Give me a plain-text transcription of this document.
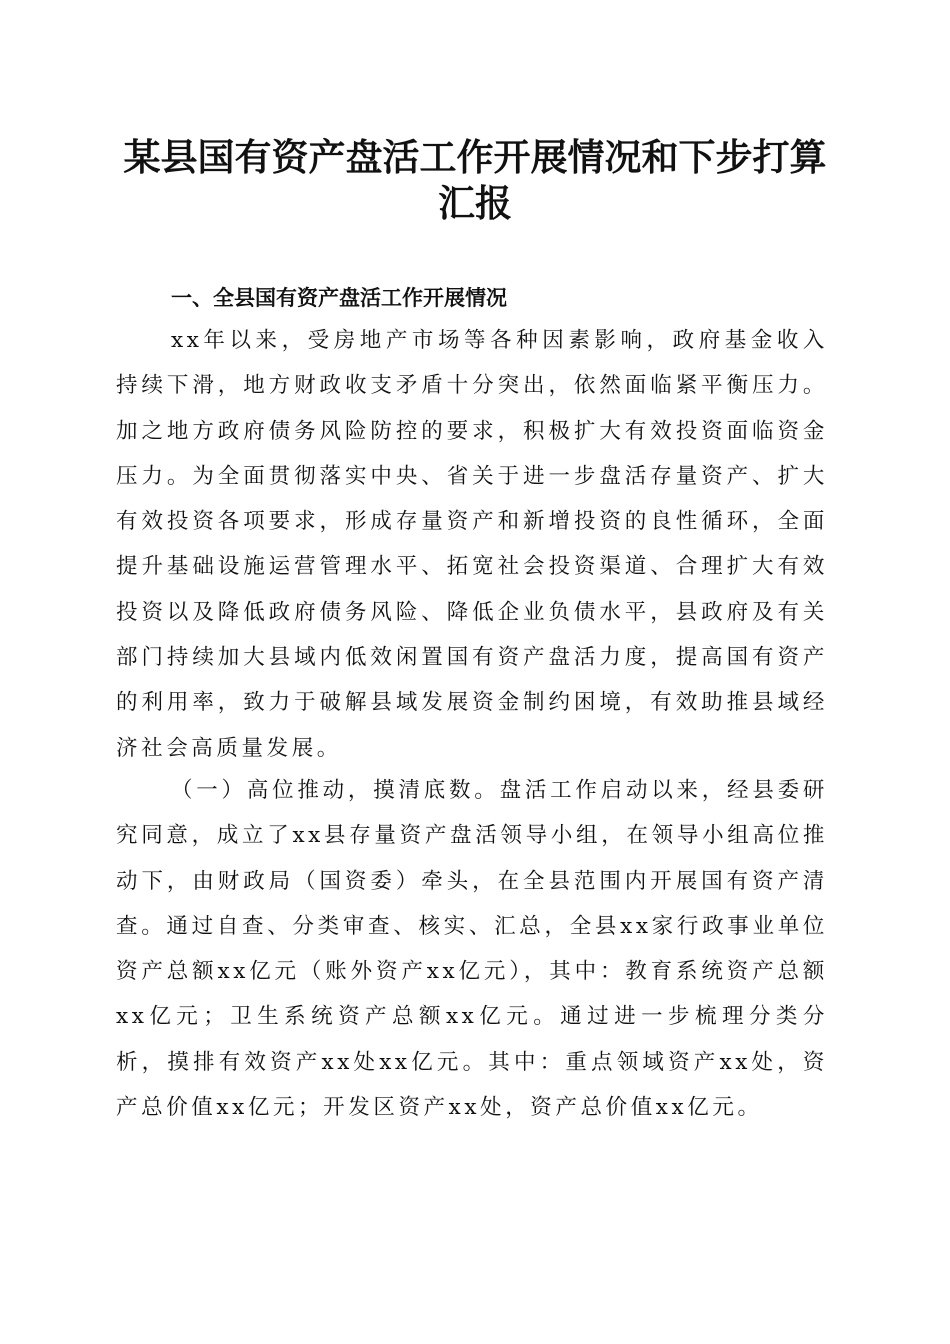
某县国有资产盘活工作开展情况和下步打算汇报
一、全县国有资产盘活工作开展情况

xx年以来，受房地产市场等各种因素影响，政府基金收入持续下滑，地方财政收支矛盾十分突出，依然面临紧平衡压力。加之地方政府债务风险防控的要求，积极扩大有效投资面临资金压力。为全面贯彻落实中央、省关于进一步盘活存量资产、扩大有效投资各项要求，形成存量资产和新增投资的良性循环，全面提升基础设施运营管理水平、拓宽社会投资渠道、合理扩大有效投资以及降低政府债务风险、降低企业负债水平，县政府及有关部门持续加大县域内低效闲置国有资产盘活力度，提高国有资产的利用率，致力于破解县域发展资金制约困境，有效助推县域经济社会高质量发展。

（一）高位推动，摸清底数。盘活工作启动以来，经县委研究同意，成立了xx县存量资产盘活领导小组，在领导小组高位推动下，由财政局（国资委）牵头，在全县范围内开展国有资产清查。通过自查、分类审查、核实、汇总，全县xx家行政事业单位资产总额xx亿元（账外资产xx亿元），其中：教育系统资产总额xx亿元；卫生系统资产总额xx亿元。通过进一步梳理分类分析，摸排有效资产xx处xx亿元。其中：重点领域资产xx处，资产总价值xx亿元；开发区资产xx处，资产总价值xx亿元。
